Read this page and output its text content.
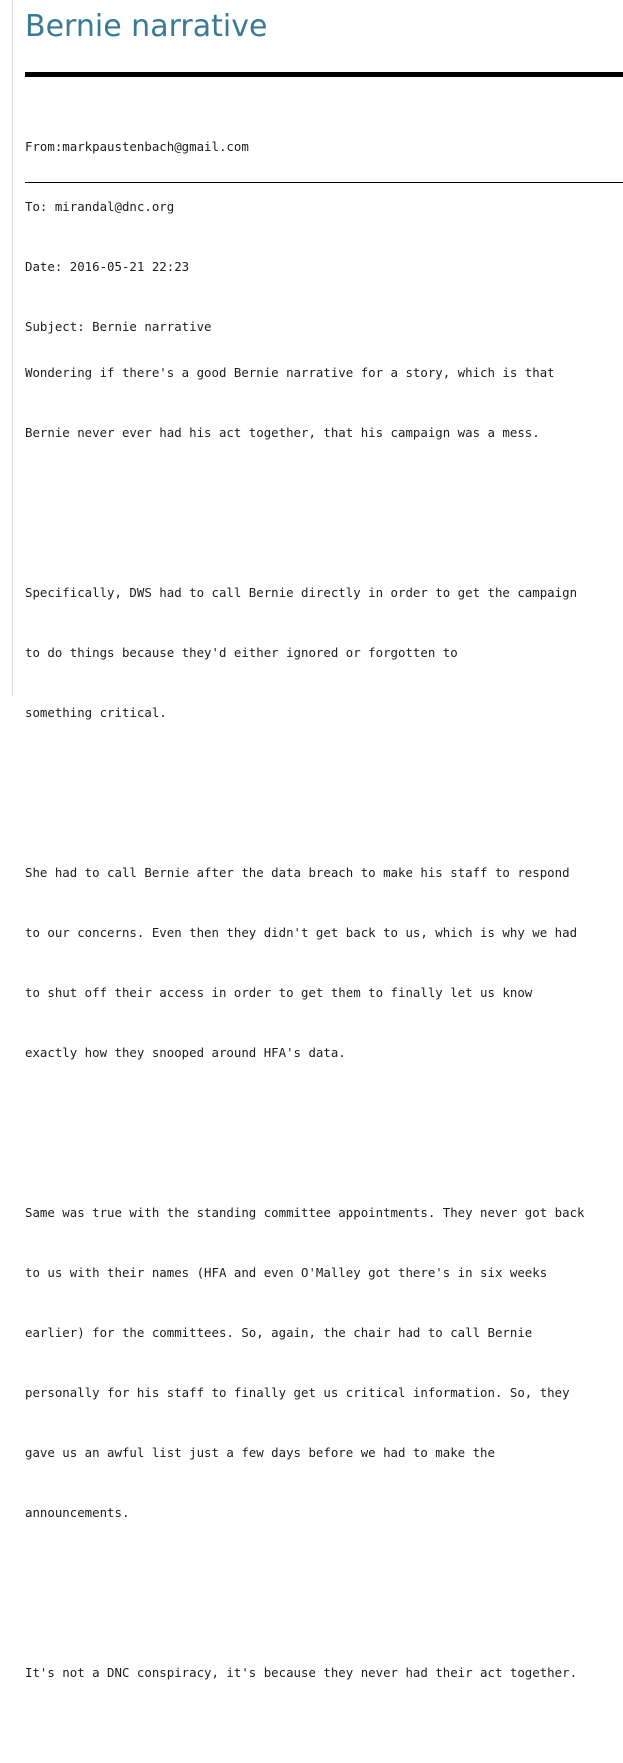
Bernie narrative

From:markpaustenbach@gmail.com

To: mirandal@dnc.org

Date: 2016-05-21 22:23

Subject: Bernie narrative

Wondering if there's a good Bernie narrative for a story, which is that

Bernie never ever had his act together, that his campaign was a mess.

Specifically, DWS had to call Bernie directly in order to get the campaign

to do things because they'd either ignored or forgotten to

something critical.

She had to call Bernie after the data breach to make his staff to respond

to our concerns. Even then they didn't get back to us, which is why we had

to shut off their access in order to get them to finally let us know

exactly how they snooped around HFA's data.

Same was true with the standing committee appointments. They never got back

to us with their names (HFA and even O'Malley got there's in six weeks

earlier) for the committees. So, again, the chair had to call Bernie

personally for his staff to finally get us critical information. So, they

gave us an awful list just a few days before we had to make the

announcements.

It's not a DNC conspiracy, it's because they never had their act together.
